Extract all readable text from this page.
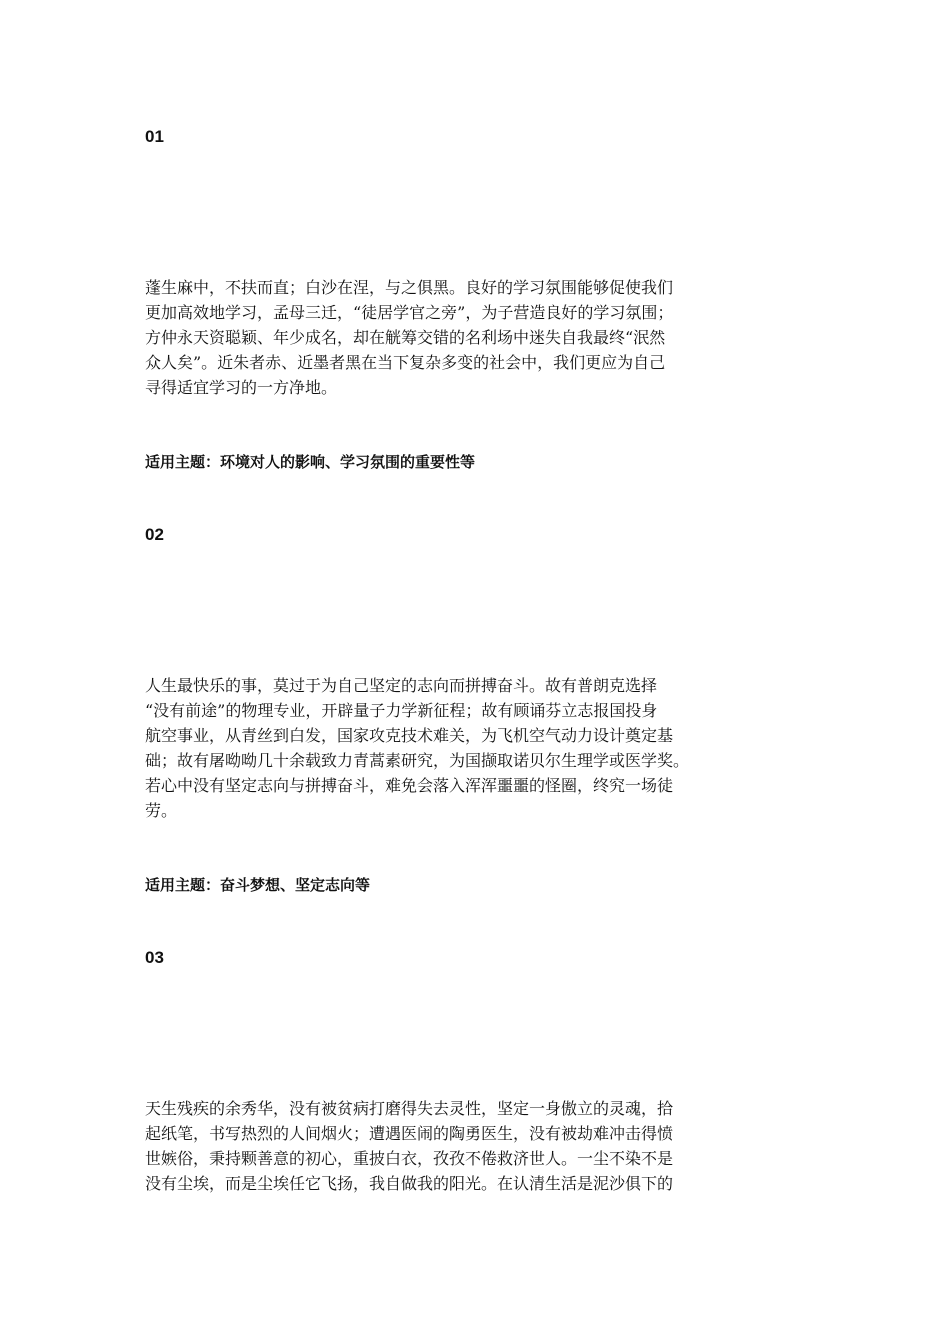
01
蓬生麻中，不扶而直；白沙在涅，与之俱黑。良好的学习氛围能够促使我们
更加高效地学习，孟母三迁，“徒居学官之旁”，为子营造良好的学习氛围；
方仲永天资聪颖、年少成名，却在觥筹交错的名利场中迷失自我最终“泯然
众人矣”。近朱者赤、近墨者黑在当下复杂多变的社会中，我们更应为自己
寻得适宜学习的一方净地。
适用主题：环境对人的影响、学习氛围的重要性等
02
人生最快乐的事，莫过于为自己坚定的志向而拼搏奋斗。故有普朗克选择
“没有前途”的物理专业，开辟量子力学新征程；故有顾诵芬立志报国投身
航空事业，从青丝到白发，国家攻克技术难关，为飞机空气动力设计奠定基
础；故有屠呦呦几十余载致力青蒿素研究，为国撷取诺贝尔生理学或医学奖。
若心中没有坚定志向与拼搏奋斗，难免会落入浑浑噩噩的怪圈，终究一场徒
劳。
适用主题：奋斗梦想、坚定志向等
03
天生残疾的余秀华，没有被贫病打磨得失去灵性，坚定一身傲立的灵魂，拾
起纸笔，书写热烈的人间烟火；遭遇医闹的陶勇医生，没有被劫难冲击得愤
世嫉俗，秉持颗善意的初心，重披白衣，孜孜不倦救济世人。一尘不染不是
没有尘埃，而是尘埃任它飞扬，我自做我的阳光。在认清生活是泥沙俱下的
